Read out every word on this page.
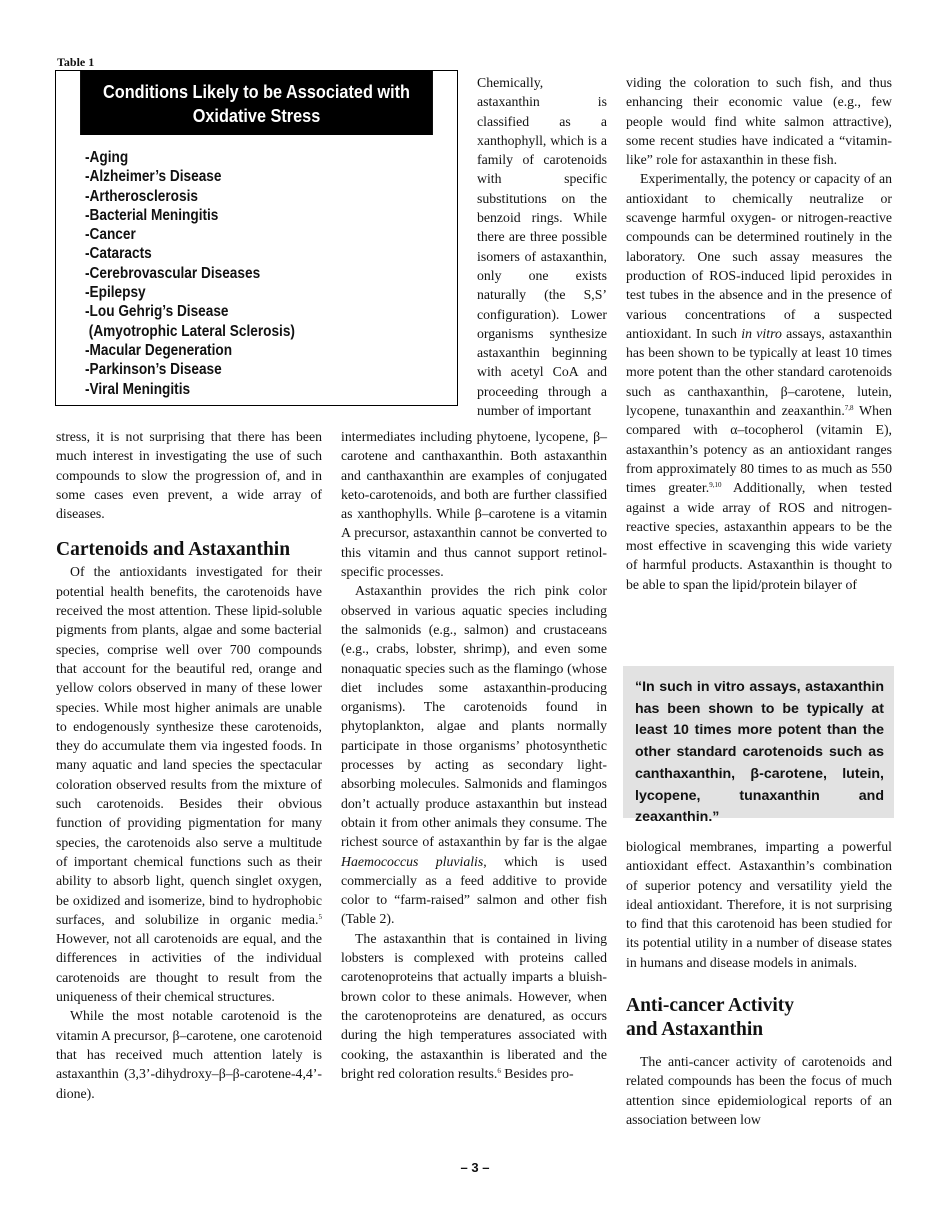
Table 1
Conditions Likely to be Associated with
Oxidative Stress
-Aging
-Alzheimer’s Disease
-Artherosclerosis
-Bacterial Meningitis
-Cancer
-Cataracts
-Cerebrovascular Diseases
-Epilepsy
-Lou Gehrig’s Disease
(Amyotrophic Lateral Sclerosis)
-Macular Degeneration
-Parkinson’s Disease
-Viral Meningitis

stress, it is not surprising that there has been much interest in investigating the use of such compounds to slow the progression of, and in some cases even prevent, a wide array of diseases.

Cartenoids and Astaxanthin

Of the antioxidants investigated for their potential health benefits, the carotenoids have received the most attention. These lipid-soluble pigments from plants, algae and some bacterial species, comprise well over 700 compounds that account for the beautiful red, orange and yellow colors observed in many of these lower species. While most higher animals are unable to endogenously synthesize these carotenoids, they do accumulate them via ingested foods. In many aquatic and land species the spectacular coloration observed results from the mixture of such carotenoids. Besides their obvious function of providing pigmentation for many species, the carotenoids also serve a multitude of important chemical functions such as their ability to absorb light, quench singlet oxygen, be oxidized and isomerize, bind to hydrophobic surfaces, and solubilize in organic media.$^5$ However, not all carotenoids are equal, and the differences in activities of the individual carotenoids are thought to result from the uniqueness of their chemical structures.

While the most notable carotenoid is the vitamin A precursor, β–carotene, one carotenoid that has received much attention lately is astaxanthin (3,3’-dihydroxy–β–β-carotene-4,4’-dione).

Chemically, astaxanthin is classified as a xanthophyll, which is a family of carotenoids with specific substitutions on the benzoid rings. While there are three possible isomers of astaxanthin, only one exists naturally (the S,S’ configuration). Lower organisms synthesize astaxanthin beginning with acetyl CoA and proceeding through a number of important

intermediates including phytoene, lycopene, β–carotene and canthaxanthin. Both astaxanthin and canthaxanthin are examples of conjugated keto-carotenoids, and both are further classified as xanthophylls. While β–carotene is a vitamin A precursor, astaxanthin cannot be converted to this vitamin and thus cannot support retinol-specific processes.

Astaxanthin provides the rich pink color observed in various aquatic species including the salmonids (e.g., salmon) and crustaceans (e.g., crabs, lobster, shrimp), and even some nonaquatic species such as the flamingo (whose diet includes some astaxanthin-producing organisms). The carotenoids found in phytoplankton, algae and plants normally participate in those organisms’ photosynthetic processes by acting as secondary light-absorbing molecules. Salmonids and flamingos don’t actually produce astaxanthin but instead obtain it from other animals they consume. The richest source of astaxanthin by far is the algae Haemococcus pluvialis, which is used commercially as a feed additive to provide color to “farm-raised” salmon and other fish (Table 2).

The astaxanthin that is contained in living lobsters is complexed with proteins called carotenoproteins that actually imparts a bluish-brown color to these animals. However, when the carotenoproteins are denatured, as occurs during the high temperatures associated with cooking, the astaxanthin is liberated and the bright red coloration results.$^6$ Besides pro-

viding the coloration to such fish, and thus enhancing their economic value (e.g., few people would find white salmon attractive), some recent studies have indicated a “vitamin-like” role for astaxanthin in these fish.

Experimentally, the potency or capacity of an antioxidant to chemically neutralize or scavenge harmful oxygen- or nitrogen-reactive compounds can be determined routinely in the laboratory. One such assay measures the production of ROS-induced lipid peroxides in test tubes in the absence and in the presence of various concentrations of a suspected antioxidant. In such in vitro assays, astaxanthin has been shown to be typically at least 10 times more potent than the other standard carotenoids such as canthaxanthin, β–carotene, lutein, lycopene, tunaxanthin and zeaxanthin.$^{7,8}$ When compared with α–tocopherol (vitamin E), astaxanthin’s potency as an antioxidant ranges from approximately 80 times to as much as 550 times greater.$^{9,10}$ Additionally, when tested against a wide array of ROS and nitrogen-reactive species, astaxanthin appears to be the most effective in scavenging this wide variety of harmful products. Astaxanthin is thought to be able to span the lipid/protein bilayer of

“In such in vitro assays, astaxanthin has been shown to be typically at least 10 times more potent than the other standard carotenoids such as canthaxanthin, β-carotene, lutein, lycopene, tunaxanthin and zeaxanthin.”

biological membranes, imparting a powerful antioxidant effect. Astaxanthin’s combination of superior potency and versatility yield the ideal antioxidant. Therefore, it is not surprising to find that this carotenoid has been studied for its potential utility in a number of disease states in humans and disease models in animals.

Anti-cancer Activity
and Astaxanthin

The anti-cancer activity of carotenoids and related compounds has been the focus of much attention since epidemiological reports of an association between low

– 3 –
